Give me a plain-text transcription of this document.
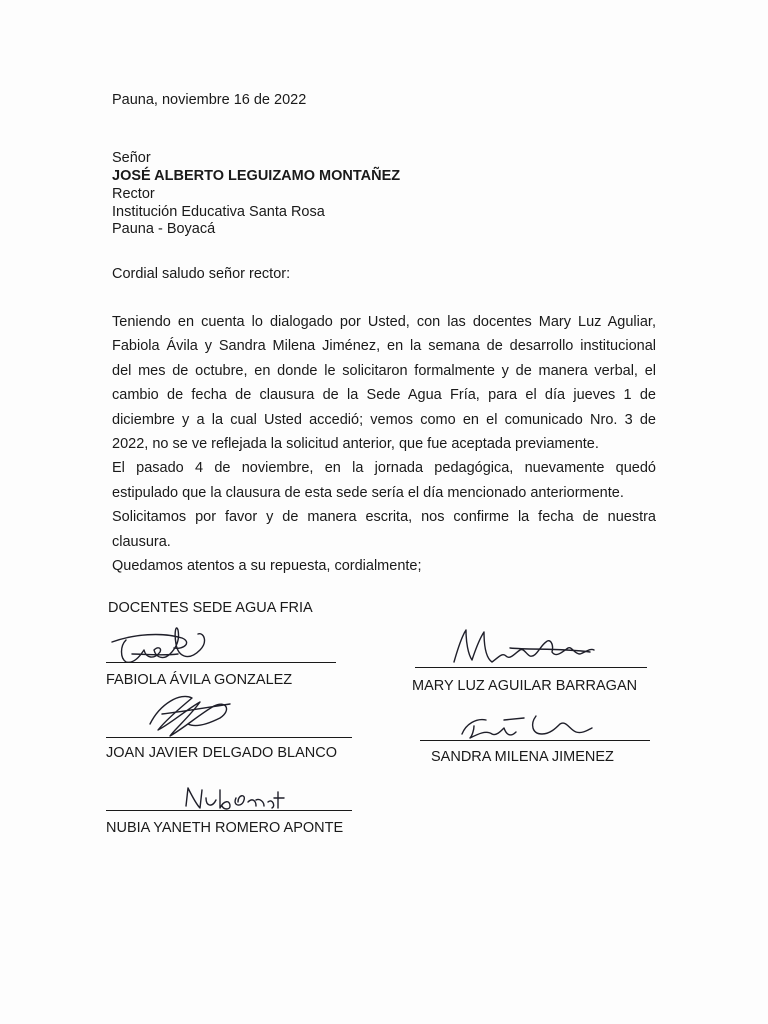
Pauna, noviembre 16 de 2022
Señor
JOSÉ ALBERTO LEGUIZAMO MONTAÑEZ
Rector
Institución Educativa Santa Rosa
Pauna - Boyacá
Cordial saludo señor rector:
Teniendo en cuenta lo dialogado por Usted, con las docentes Mary Luz Aguliar,
Fabiola Ávila y Sandra Milena Jiménez, en la semana de desarrollo institucional
del mes de octubre, en donde le solicitaron formalmente y de manera verbal, el
cambio de fecha de clausura de la Sede Agua Fría, para el día jueves 1 de
diciembre y a la cual Usted accedió; vemos como en el comunicado Nro. 3 de
2022, no se ve reflejada la solicitud anterior, que fue aceptada previamente.
El pasado 4 de noviembre, en la jornada pedagógica, nuevamente quedó
estipulado que la clausura de esta sede sería el día mencionado anteriormente.
Solicitamos por favor y de manera escrita, nos confirme la fecha de nuestra
clausura.
Quedamos atentos a su repuesta, cordialmente;
DOCENTES SEDE AGUA FRIA
FABIOLA ÁVILA GONZALEZ	MARY LUZ AGUILAR BARRAGAN
JOAN JAVIER DELGADO BLANCO	SANDRA MILENA JIMENEZ
NUBIA YANETH ROMERO APONTE
